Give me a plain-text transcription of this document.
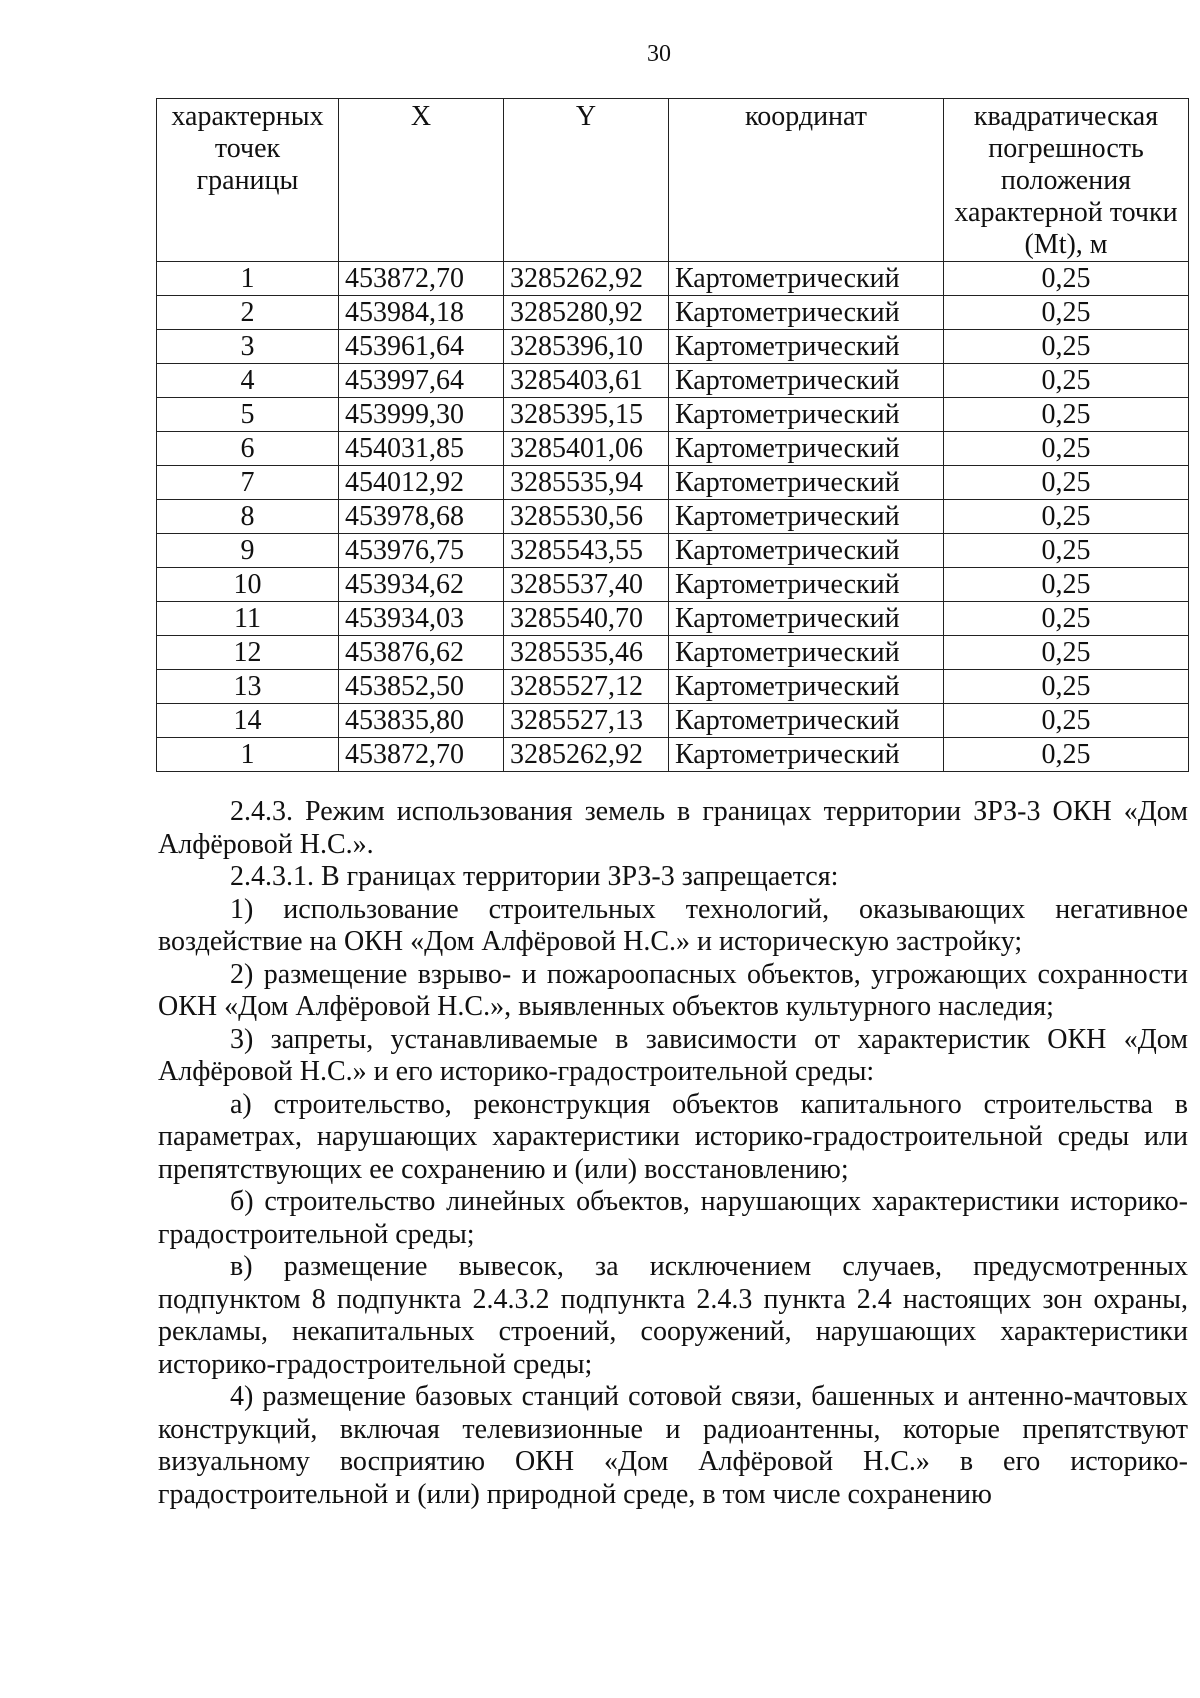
30
характерных точек границы	X	Y	координат	квадратическая погрешность положения характерной точки (Mt), м
1	453872,70	3285262,92	Картометрический	0,25
2	453984,18	3285280,92	Картометрический	0,25
3	453961,64	3285396,10	Картометрический	0,25
4	453997,64	3285403,61	Картометрический	0,25
5	453999,30	3285395,15	Картометрический	0,25
6	454031,85	3285401,06	Картометрический	0,25
7	454012,92	3285535,94	Картометрический	0,25
8	453978,68	3285530,56	Картометрический	0,25
9	453976,75	3285543,55	Картометрический	0,25
10	453934,62	3285537,40	Картометрический	0,25
11	453934,03	3285540,70	Картометрический	0,25
12	453876,62	3285535,46	Картометрический	0,25
13	453852,50	3285527,12	Картометрический	0,25
14	453835,80	3285527,13	Картометрический	0,25
1	453872,70	3285262,92	Картометрический	0,25

2.4.3. Режим использования земель в границах территории ЗРЗ-3 ОКН «Дом Алфёровой Н.С.».

2.4.3.1. В границах территории ЗРЗ-3 запрещается:

1) использование строительных технологий, оказывающих негативное воздействие на ОКН «Дом Алфёровой Н.С.» и историческую застройку;

2) размещение взрыво- и пожароопасных объектов, угрожающих сохранности ОКН «Дом Алфёровой Н.С.», выявленных объектов культурного наследия;

3) запреты, устанавливаемые в зависимости от характеристик ОКН «Дом Алфёровой Н.С.» и его историко-градостроительной среды:

а) строительство, реконструкция объектов капитального строительства в параметрах, нарушающих характеристики историко-градостроительной среды или препятствующих ее сохранению и (или) восстановлению;

б) строительство линейных объектов, нарушающих характеристики историко-градостроительной среды;

в) размещение вывесок, за исключением случаев, предусмотренных подпунктом 8 подпункта 2.4.3.2 подпункта 2.4.3 пункта 2.4 настоящих зон охраны, рекламы, некапитальных строений, сооружений, нарушающих характеристики историко-градостроительной среды;

4) размещение базовых станций сотовой связи, башенных и антенно-мачтовых конструкций, включая телевизионные и радиоантенны, которые препятствуют визуальному восприятию ОКН «Дом Алфёровой Н.С.» в его историко-градостроительной и (или) природной среде, в том числе сохранению
